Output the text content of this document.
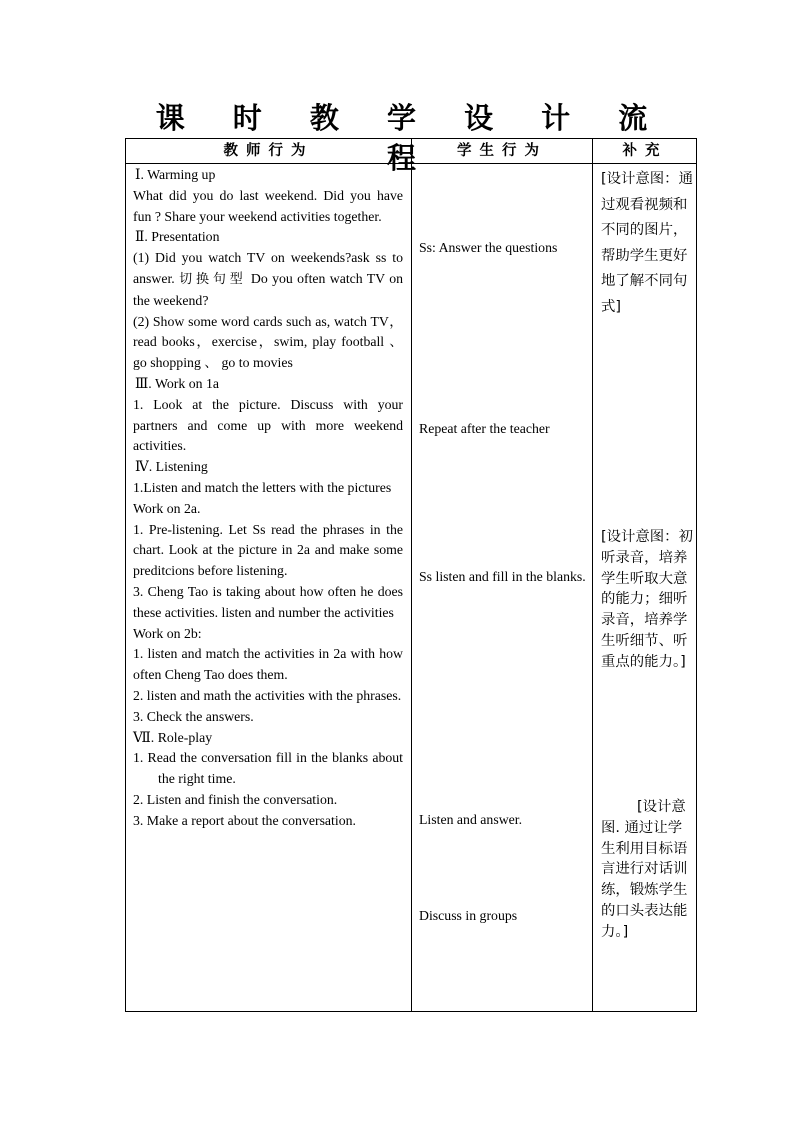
课 时 教 学 设 计 流 程
教师行为	学生行为	补充
Ⅰ. Warming up
What did you do last weekend. Did you have fun ? Share your weekend activities together.
Ⅱ. Presentation
(1) Did you watch TV on weekends?ask ss to answer. 切换句型 Do you often watch TV on the weekend?
(2) Show some word cards such as, watch TV，read books，exercise，swim, play football 、go shopping 、 go to movies
Ⅲ. Work on 1a
1. Look at the picture. Discuss with your partners and come up with more weekend activities.
Ⅳ. Listening
1.Listen and match the letters with the pictures
Work on 2a.
1. Pre-listening. Let Ss read the phrases in the chart. Look at the picture in 2a and make some preditcions before listening.
3. Cheng Tao is taking about how often he does these activities. listen and number the activities
Work on 2b:
1. listen and match the activities in 2a with how often Cheng Tao does them.
2. listen and math the activities with the phrases.
3. Check the answers.
Ⅶ. Role-play
1. Read the conversation fill in the blanks about the right time.
2. Listen and finish the conversation.
3. Make a report about the conversation.
Ss: Answer the questions
Repeat after the teacher
Ss listen and fill in the blanks.
Listen and answer.
Discuss in groups
[设计意图：通过观看视频和不同的图片，帮助学生更好地了解不同句式]
[设计意图：初听录音，培养学生听取大意的能力；细听录音，培养学生听细节、听重点的能力。]
[设计意图. 通过让学生利用目标语言进行对话训练，锻炼学生的口头表达能力。]
